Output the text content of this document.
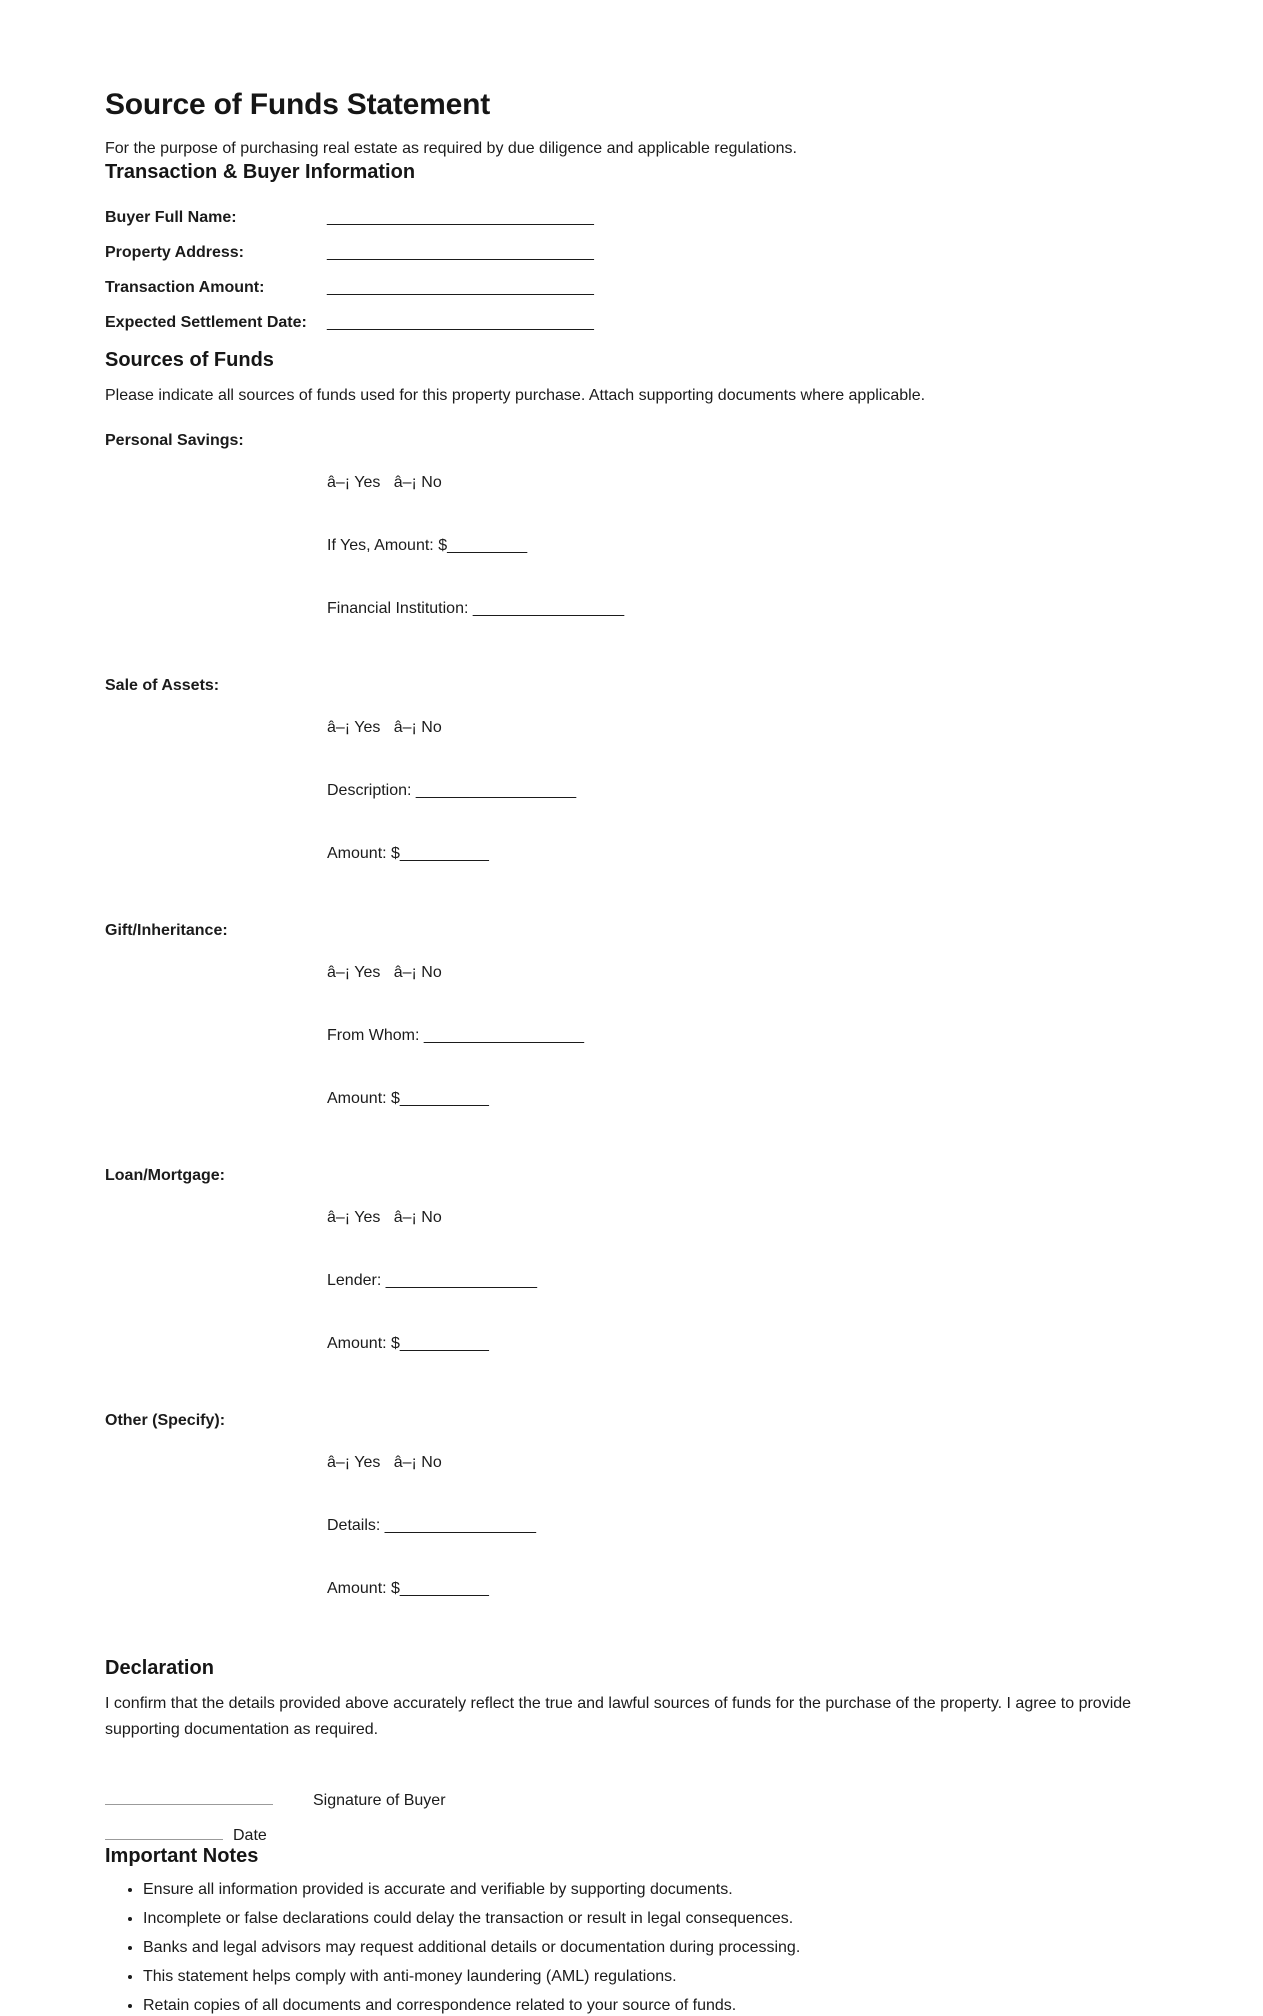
Source of Funds Statement

For the purpose of purchasing real estate as required by due diligence and applicable regulations.

Transaction & Buyer Information
Buyer Full Name:	______________________________
Property Address:	______________________________
Transaction Amount:	______________________________
Expected Settlement Date:	______________________________
Sources of Funds

Please indicate all sources of funds used for this property purchase. Attach supporting documents where applicable.

Personal Savings:	â–¡ Yes   â–¡ No

If Yes, Amount: $_________

Financial Institution: _________________

Sale of Assets:	â–¡ Yes   â–¡ No

Description: __________________

Amount: $__________

Gift/Inheritance:	â–¡ Yes   â–¡ No

From Whom: __________________

Amount: $__________

Loan/Mortgage:	â–¡ Yes   â–¡ No

Lender: _________________

Amount: $__________

Other (Specify):	â–¡ Yes   â–¡ No

Details: _________________

Amount: $__________

Declaration

I confirm that the details provided above accurately reflect the true and lawful sources of funds for the purchase of the property. I agree to provide supporting documentation as required.

Signature of Buyer
Date
Important Notes
• Ensure all information provided is accurate and verifiable by supporting documents.
• Incomplete or false declarations could delay the transaction or result in legal consequences.
• Banks and legal advisors may request additional details or documentation during processing.
• This statement helps comply with anti-money laundering (AML) regulations.
• Retain copies of all documents and correspondence related to your source of funds.
